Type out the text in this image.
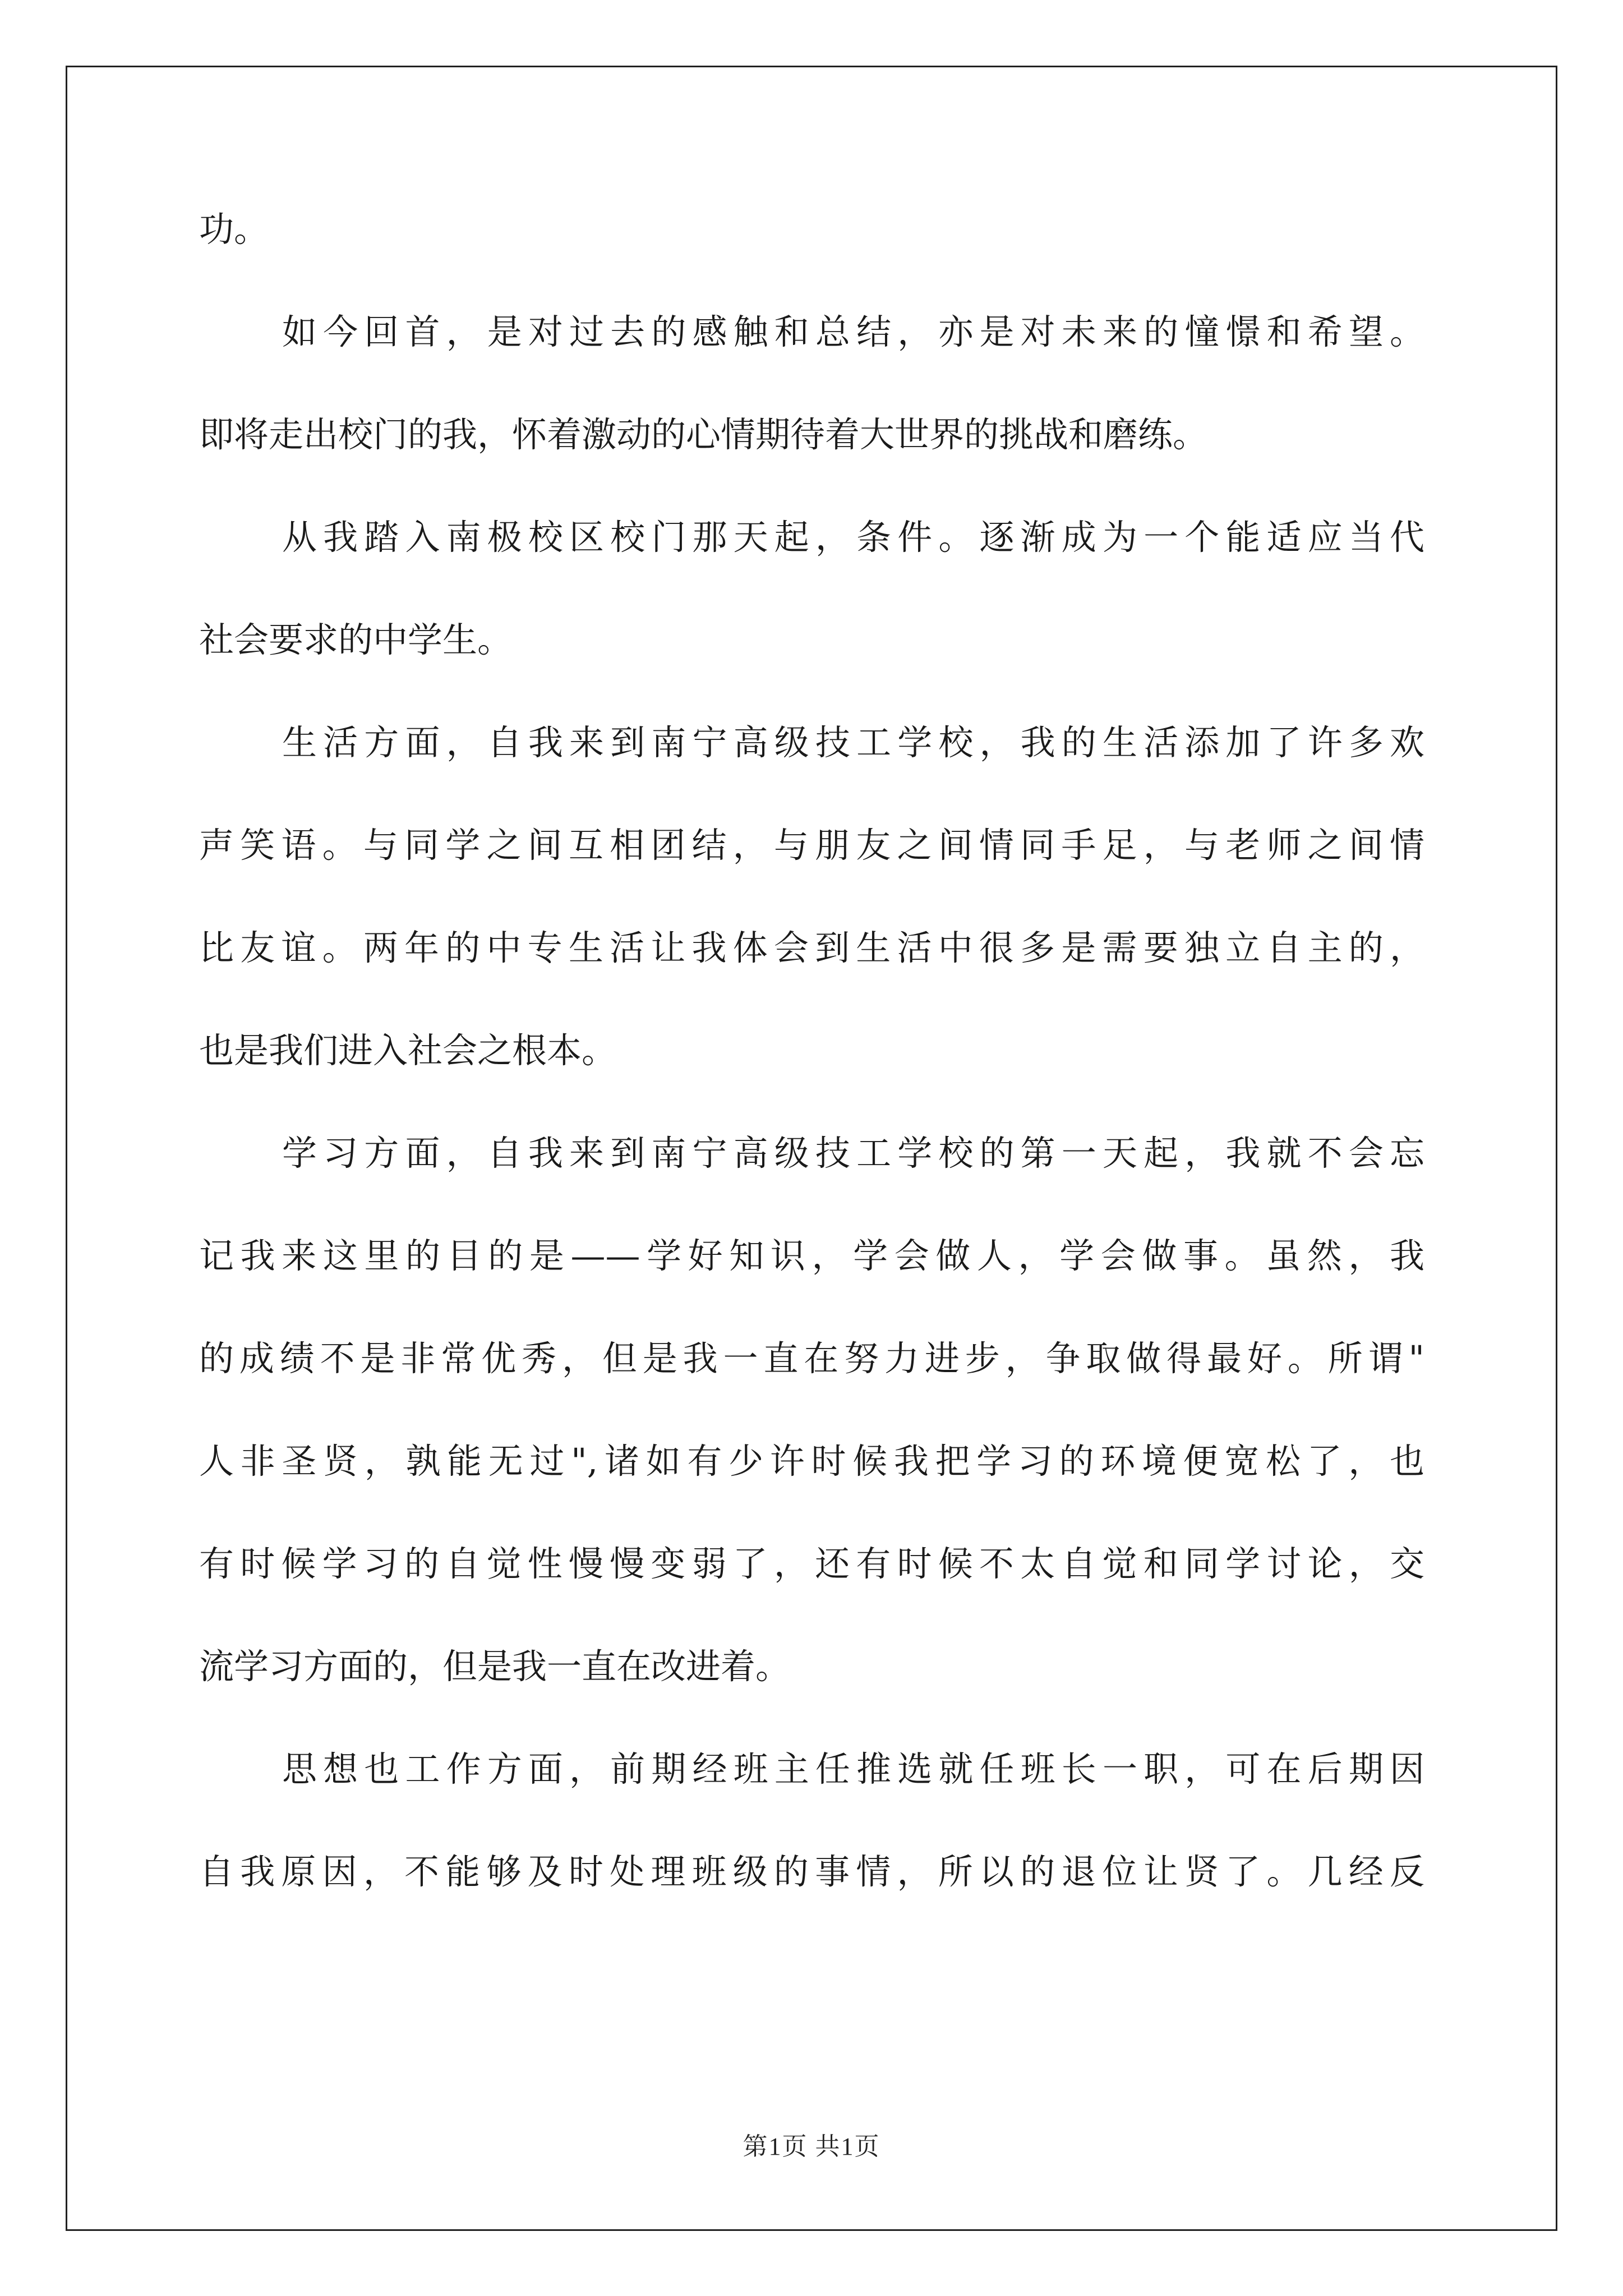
功。
如今回首，是对过去的感触和总结，亦是对未来的憧憬和希望。
即将走出校门的我，怀着激动的心情期待着大世界的挑战和磨练。
从我踏入南极校区校门那天起，条件。逐渐成为一个能适应当代
社会要求的中学生。
生活方面，自我来到南宁高级技工学校，我的生活添加了许多欢
声笑语。与同学之间互相团结，与朋友之间情同手足，与老师之间情
比友谊。两年的中专生活让我体会到生活中很多是需要独立自主的，
也是我们进入社会之根本。
学习方面，自我来到南宁高级技工学校的第一天起，我就不会忘
记我来这里的目的是——学好知识，学会做人，学会做事。虽然，我
的成绩不是非常优秀，但是我一直在努力进步，争取做得最好。所谓"
人非圣贤，孰能无过",诸如有少许时候我把学习的环境便宽松了，也
有时候学习的自觉性慢慢变弱了，还有时候不太自觉和同学讨论，交
流学习方面的，但是我一直在改进着。
思想也工作方面，前期经班主任推选就任班长一职，可在后期因
自我原因，不能够及时处理班级的事情，所以的退位让贤了。几经反
第1页 共1页
